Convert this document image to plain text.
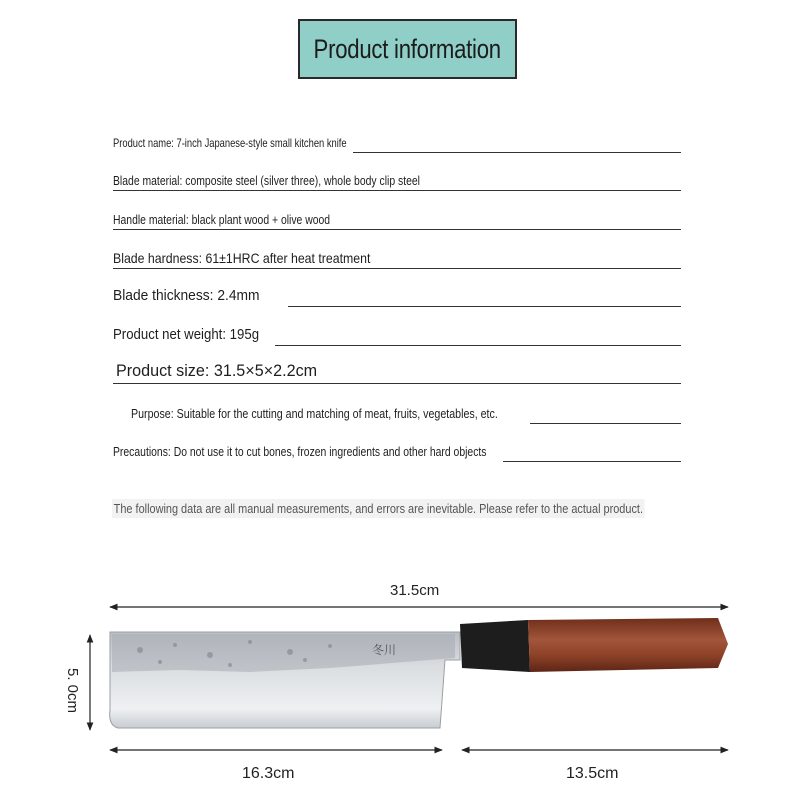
Product information
Product name: 7-inch Japanese-style small kitchen knife
Blade material: composite steel (silver three), whole body clip steel
Handle material: black plant wood + olive wood
Blade hardness: 61±1HRC after heat treatment
Blade thickness: 2.4mm
Product net weight: 195g
Product size: 31.5×5×2.2cm
Purpose: Suitable for the cutting and matching of meat, fruits, vegetables, etc.
Precautions: Do not use it to cut bones, frozen ingredients and other hard objects
The following data are all manual measurements, and errors are inevitable. Please refer to the actual product.
冬川
31.5cm
5. 0cm
16.3cm	13.5cm
